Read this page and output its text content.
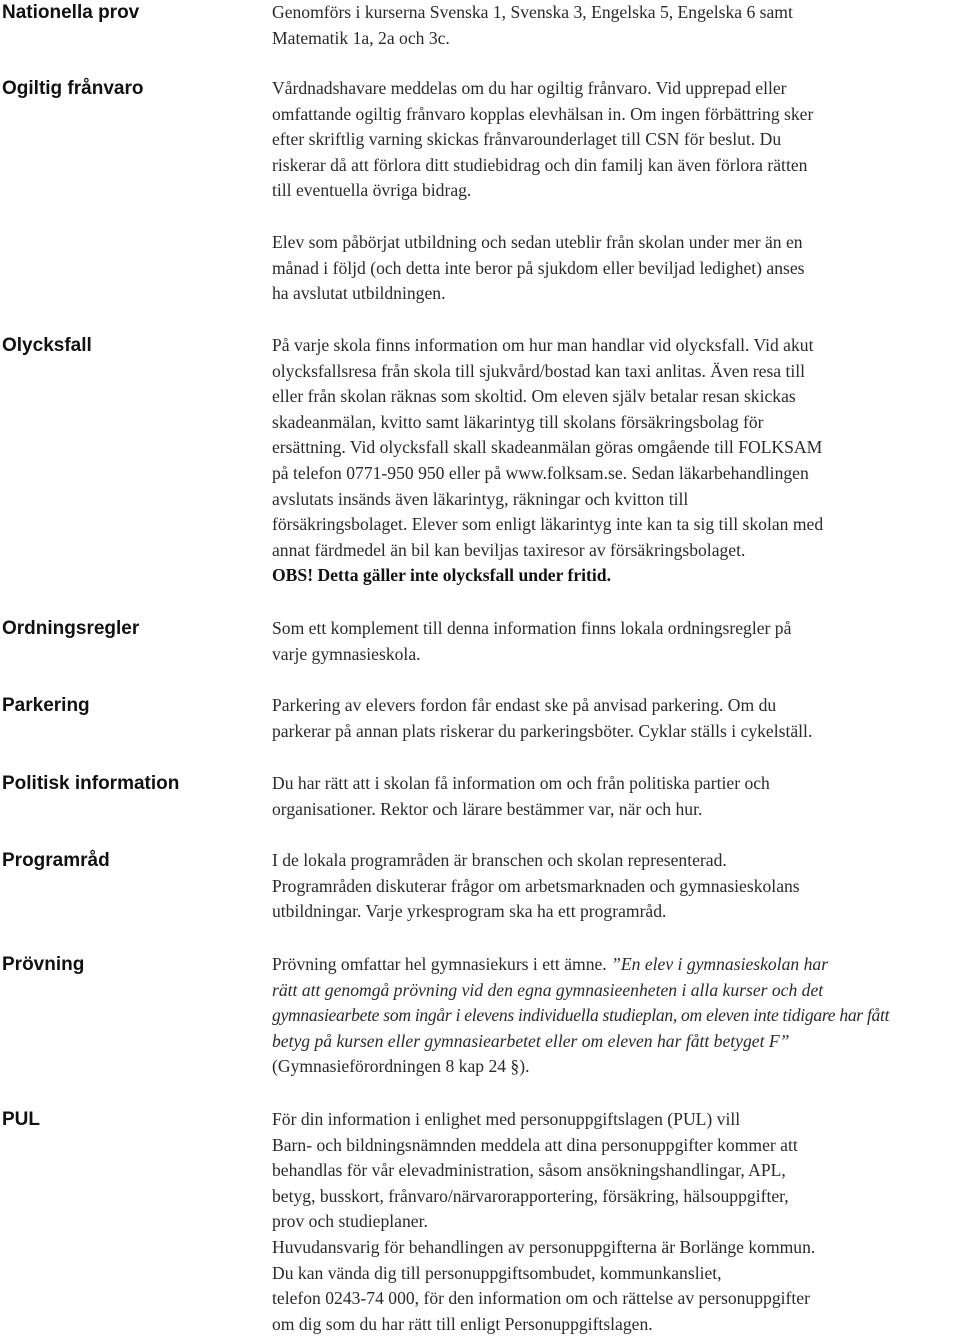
Nationella prov	Genomförs i kurserna Svenska 1, Svenska 3, Engelska 5, Engelska 6 samt

Matematik 1a, 2a och 3c.

Ogiltig frånvaro	Vårdnadshavare meddelas om du har ogiltig frånvaro. Vid upprepad eller

omfattande ogiltig frånvaro kopplas elevhälsan in. Om ingen förbättring sker

efter skriftlig varning skickas frånvarounderlaget till CSN för beslut. Du

riskerar då att förlora ditt studiebidrag och din familj kan även förlora rätten

till eventuella övriga bidrag.

Elev som påbörjat utbildning och sedan uteblir från skolan under mer än en

månad i följd (och detta inte beror på sjukdom eller beviljad ledighet) anses

ha avslutat utbildningen.

Olycksfall	På varje skola finns information om hur man handlar vid olycksfall. Vid akut

olycksfallsresa från skola till sjukvård/bostad kan taxi anlitas. Även resa till

eller från skolan räknas som skoltid. Om eleven själv betalar resan skickas

skadeanmälan, kvitto samt läkarintyg till skolans försäkringsbolag för

ersättning. Vid olycksfall skall skadeanmälan göras omgående till FOLKSAM

på telefon 0771-950 950 eller på www.folksam.se. Sedan läkarbehandlingen

avslutats insänds även läkarintyg, räkningar och kvitton till

försäkringsbolaget. Elever som enligt läkarintyg inte kan ta sig till skolan med

annat färdmedel än bil kan beviljas taxiresor av försäkringsbolaget.

OBS! Detta gäller inte olycksfall under fritid.

Ordningsregler	Som ett komplement till denna information finns lokala ordningsregler på

varje gymnasieskola.

Parkering	Parkering av elevers fordon får endast ske på anvisad parkering. Om du

parkerar på annan plats riskerar du parkeringsböter. Cyklar ställs i cykelställ.

Politisk information	Du har rätt att i skolan få information om och från politiska partier och

organisationer. Rektor och lärare bestämmer var, när och hur.

Programråd	I de lokala programråden är branschen och skolan representerad.

Programråden diskuterar frågor om arbetsmarknaden och gymnasieskolans

utbildningar. Varje yrkesprogram ska ha ett programråd.

Prövning	Prövning omfattar hel gymnasiekurs i ett ämne. ”En elev i gymnasieskolan har

rätt att genomgå prövning vid den egna gymnasieenheten i alla kurser och det

gymnasiearbete som ingår i elevens individuella studieplan, om eleven inte tidigare har fått

betyg på kursen eller gymnasiearbetet eller om eleven har fått betyget F”

(Gymnasieförordningen 8 kap 24 §).

PUL	För din information i enlighet med personuppgiftslagen (PUL) vill

Barn- och bildningsnämnden meddela att dina personuppgifter kommer att

behandlas för vår elevadministration, såsom ansökningshandlingar, APL,

betyg, busskort, frånvaro/närvarorapportering, försäkring, hälsouppgifter,

prov och studieplaner.

Huvudansvarig för behandlingen av personuppgifterna är Borlänge kommun.

Du kan vända dig till personuppgiftsombudet, kommunkansliet,

telefon 0243-74 000, för den information om och rättelse av personuppgifter

om dig som du har rätt till enligt Personuppgiftslagen.
